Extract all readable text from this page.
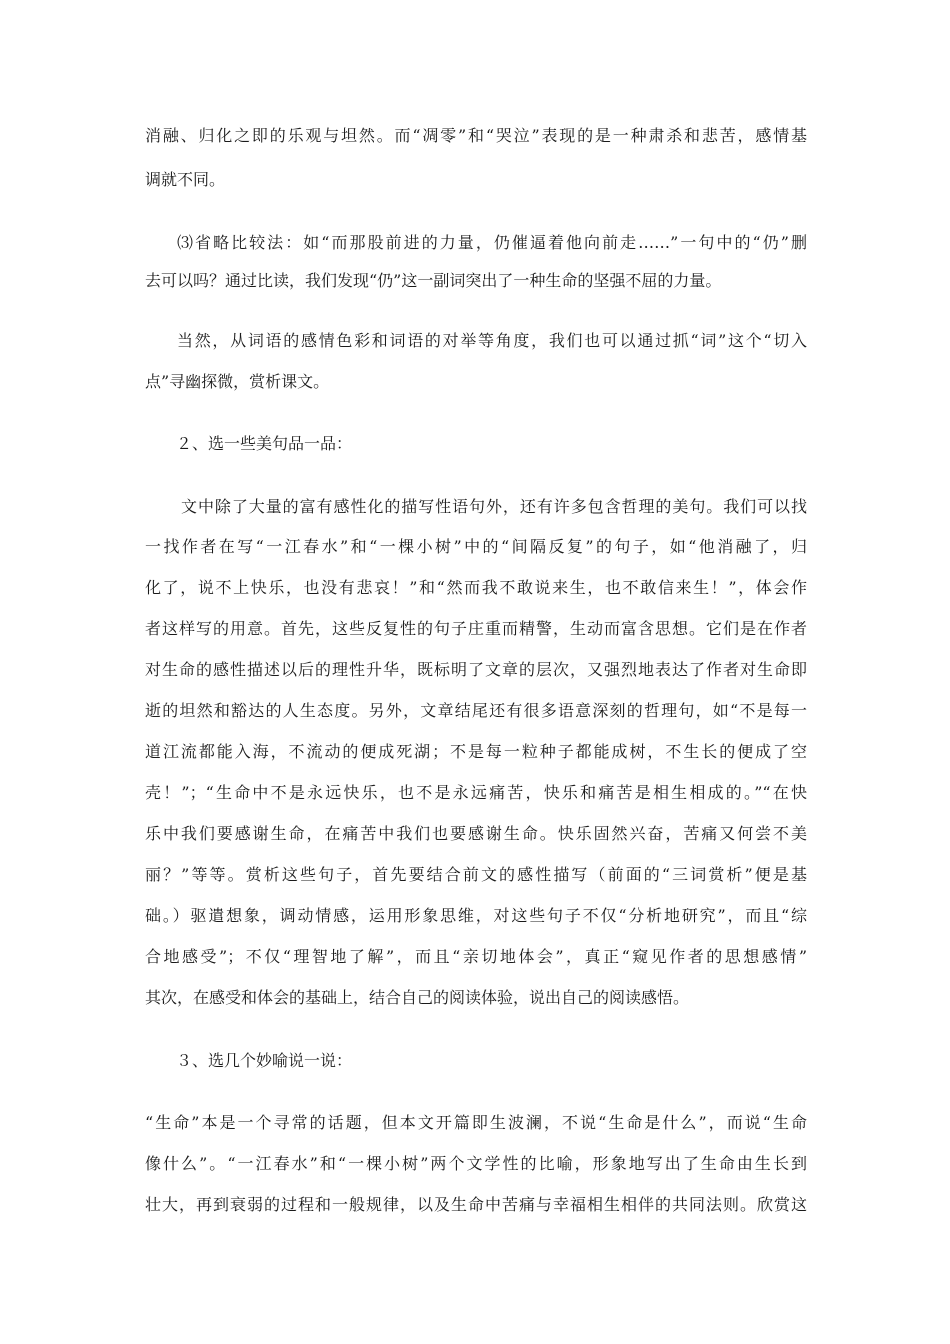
消融、归化之即的乐观与坦然。而“凋零”和“哭泣”表现的是一种肃杀和悲苦，感情基
调就不同。
⑶省略比较法：如“而那股前进的力量，仍催逼着他向前走……”一句中的“仍”删
去可以吗？通过比读，我们发现“仍”这一副词突出了一种生命的坚强不屈的力量。
当然，从词语的感情色彩和词语的对举等角度，我们也可以通过抓“词”这个“切入
点”寻幽探微，赏析课文。
２、选一些美句品一品：
文中除了大量的富有感性化的描写性语句外，还有许多包含哲理的美句。我们可以找
一找作者在写“一江春水”和“一棵小树”中的“间隔反复”的句子，如“他消融了，归
化了，说不上快乐，也没有悲哀！”和“然而我不敢说来生，也不敢信来生！”，体会作
者这样写的用意。首先，这些反复性的句子庄重而精警，生动而富含思想。它们是在作者
对生命的感性描述以后的理性升华，既标明了文章的层次，又强烈地表达了作者对生命即
逝的坦然和豁达的人生态度。另外，文章结尾还有很多语意深刻的哲理句，如“不是每一
道江流都能入海，不流动的便成死湖；不是每一粒种子都能成树，不生长的便成了空
壳！”；“生命中不是永远快乐，也不是永远痛苦，快乐和痛苦是相生相成的。”“在快
乐中我们要感谢生命，在痛苦中我们也要感谢生命。快乐固然兴奋，苦痛又何尝不美
丽？”等等。赏析这些句子，首先要结合前文的感性描写（前面的“三词赏析”便是基
础。）驱遣想象，调动情感，运用形象思维，对这些句子不仅“分析地研究”，而且“综
合地感受”；不仅“理智地了解”，而且“亲切地体会”，真正“窥见作者的思想感情”
其次，在感受和体会的基础上，结合自己的阅读体验，说出自己的阅读感悟。
３、选几个妙喻说一说：
“生命”本是一个寻常的话题，但本文开篇即生波澜，不说“生命是什么”，而说“生命
像什么”。“一江春水”和“一棵小树”两个文学性的比喻，形象地写出了生命由生长到
壮大，再到衰弱的过程和一般规律，以及生命中苦痛与幸福相生相伴的共同法则。欣赏这
